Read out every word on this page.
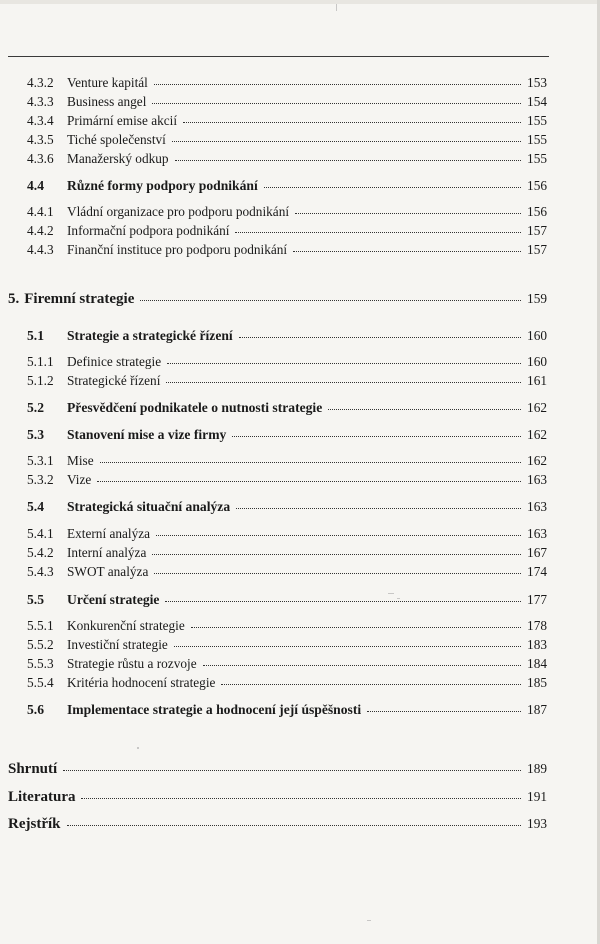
4.3.2	Venture kapitál	153
4.3.3	Business angel	154
4.3.4	Primární emise akcií	155
4.3.5	Tiché společenství	155
4.3.6	Manažerský odkup	155
4.4	Různé formy podpory podnikání	156
4.4.1	Vládní organizace pro podporu podnikání	156
4.4.2	Informační podpora podnikání	157
4.4.3	Finanční instituce pro podporu podnikání	157
5. Firemní strategie	159
5.1	Strategie a strategické řízení	160
5.1.1	Definice strategie	160
5.1.2	Strategické řízení	161
5.2	Přesvědčení podnikatele o nutnosti strategie	162
5.3	Stanovení mise a vize firmy	162
5.3.1	Mise	162
5.3.2	Vize	163
5.4	Strategická situační analýza	163
5.4.1	Externí analýza	163
5.4.2	Interní analýza	167
5.4.3	SWOT analýza	174
5.5	Určení strategie	177
5.5.1	Konkurenční strategie	178
5.5.2	Investiční strategie	183
5.5.3	Strategie růstu a rozvoje	184
5.5.4	Kritéria hodnocení strategie	185
5.6	Implementace strategie a hodnocení její úspěšnosti	187
Shrnutí	189
Literatura	191
Rejstřík	193
